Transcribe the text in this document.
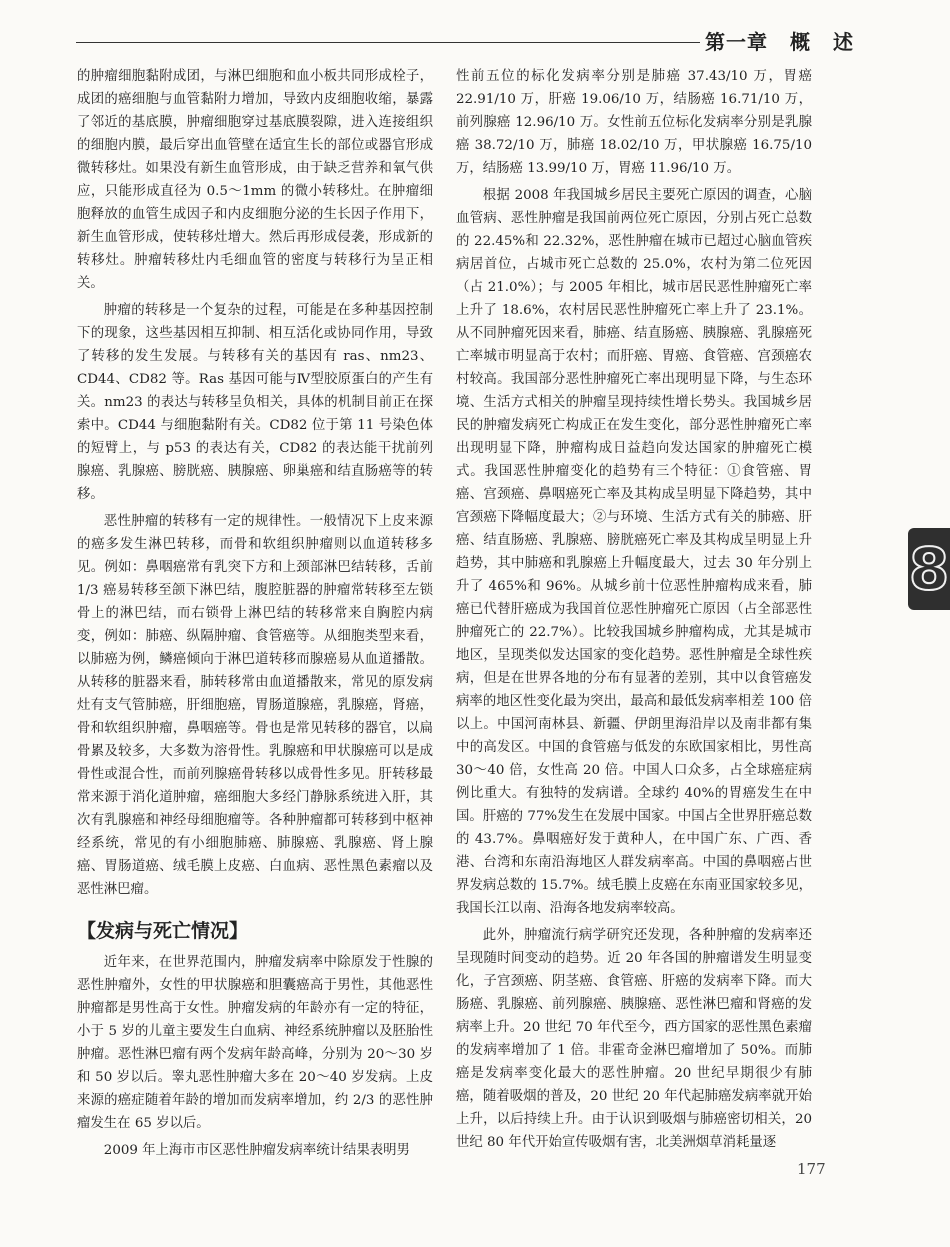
第一章 概 述

的肿瘤细胞黏附成团，与淋巴细胞和血小板共同形成栓子，成团的癌细胞与血管黏附力增加，导致内皮细胞收缩，暴露了邻近的基底膜，肿瘤细胞穿过基底膜裂隙，进入连接组织的细胞内膜，最后穿出血管壁在适宜生长的部位或器官形成微转移灶。如果没有新生血管形成，由于缺乏营养和氧气供应，只能形成直径为 0.5～1mm 的微小转移灶。在肿瘤细胞释放的血管生成因子和内皮细胞分泌的生长因子作用下，新生血管形成，使转移灶增大。然后再形成侵袭，形成新的转移灶。肿瘤转移灶内毛细血管的密度与转移行为呈正相关。

肿瘤的转移是一个复杂的过程，可能是在多种基因控制下的现象，这些基因相互抑制、相互活化或协同作用，导致了转移的发生发展。与转移有关的基因有 ras、nm23、CD44、CD82 等。Ras 基因可能与Ⅳ型胶原蛋白的产生有关。nm23 的表达与转移呈负相关，具体的机制目前正在探索中。CD44 与细胞黏附有关。CD82 位于第 11 号染色体的短臂上，与 p53 的表达有关，CD82 的表达能干扰前列腺癌、乳腺癌、膀胱癌、胰腺癌、卵巢癌和结直肠癌等的转移。

恶性肿瘤的转移有一定的规律性。一般情况下上皮来源的癌多发生淋巴转移，而骨和软组织肿瘤则以血道转移多见。例如：鼻咽癌常有乳突下方和上颈部淋巴结转移，舌前 1/3 癌易转移至颌下淋巴结，腹腔脏器的肿瘤常转移至左锁骨上的淋巴结，而右锁骨上淋巴结的转移常来自胸腔内病变，例如：肺癌、纵隔肿瘤、食管癌等。从细胞类型来看，以肺癌为例，鳞癌倾向于淋巴道转移而腺癌易从血道播散。从转移的脏器来看，肺转移常由血道播散来，常见的原发病灶有支气管肺癌，肝细胞癌，胃肠道腺癌，乳腺癌，肾癌，骨和软组织肿瘤，鼻咽癌等。骨也是常见转移的器官，以扁骨累及较多，大多数为溶骨性。乳腺癌和甲状腺癌可以是成骨性或混合性，而前列腺癌骨转移以成骨性多见。肝转移最常来源于消化道肿瘤，癌细胞大多经门静脉系统进入肝，其次有乳腺癌和神经母细胞瘤等。各种肿瘤都可转移到中枢神经系统，常见的有小细胞肺癌、肺腺癌、乳腺癌、肾上腺癌、胃肠道癌、绒毛膜上皮癌、白血病、恶性黑色素瘤以及恶性淋巴瘤。

【发病与死亡情况】

近年来，在世界范围内，肿瘤发病率中除原发于性腺的恶性肿瘤外，女性的甲状腺癌和胆囊癌高于男性，其他恶性肿瘤都是男性高于女性。肿瘤发病的年龄亦有一定的特征，小于 5 岁的儿童主要发生白血病、神经系统肿瘤以及胚胎性肿瘤。恶性淋巴瘤有两个发病年龄高峰，分别为 20～30 岁和 50 岁以后。睾丸恶性肿瘤大多在 20～40 岁发病。上皮来源的癌症随着年龄的增加而发病率增加，约 2/3 的恶性肿瘤发生在 65 岁以后。

2009 年上海市市区恶性肿瘤发病率统计结果表明男

性前五位的标化发病率分别是肺癌 37.43/10 万，胃癌 22.91/10 万，肝癌 19.06/10 万，结肠癌 16.71/10 万，前列腺癌 12.96/10 万。女性前五位标化发病率分别是乳腺癌 38.72/10 万，肺癌 18.02/10 万，甲状腺癌 16.75/10 万，结肠癌 13.99/10 万，胃癌 11.96/10 万。

根据 2008 年我国城乡居民主要死亡原因的调查，心脑血管病、恶性肿瘤是我国前两位死亡原因，分别占死亡总数的 22.45%和 22.32%，恶性肿瘤在城市已超过心脑血管疾病居首位，占城市死亡总数的 25.0%，农村为第二位死因（占 21.0%）；与 2005 年相比，城市居民恶性肿瘤死亡率上升了 18.6%，农村居民恶性肿瘤死亡率上升了 23.1%。从不同肿瘤死因来看，肺癌、结直肠癌、胰腺癌、乳腺癌死亡率城市明显高于农村；而肝癌、胃癌、食管癌、宫颈癌农村较高。我国部分恶性肿瘤死亡率出现明显下降，与生态环境、生活方式相关的肿瘤呈现持续性增长势头。我国城乡居民的肿瘤发病死亡构成正在发生变化，部分恶性肿瘤死亡率出现明显下降，肿瘤构成日益趋向发达国家的肿瘤死亡模式。我国恶性肿瘤变化的趋势有三个特征：①食管癌、胃癌、宫颈癌、鼻咽癌死亡率及其构成呈明显下降趋势，其中宫颈癌下降幅度最大；②与环境、生活方式有关的肺癌、肝癌、结直肠癌、乳腺癌、膀胱癌死亡率及其构成呈明显上升趋势，其中肺癌和乳腺癌上升幅度最大，过去 30 年分别上升了 465%和 96%。从城乡前十位恶性肿瘤构成来看，肺癌已代替肝癌成为我国首位恶性肿瘤死亡原因（占全部恶性肿瘤死亡的 22.7%）。比较我国城乡肿瘤构成，尤其是城市地区，呈现类似发达国家的变化趋势。恶性肿瘤是全球性疾病，但是在世界各地的分布有显著的差别，其中以食管癌发病率的地区性变化最为突出，最高和最低发病率相差 100 倍以上。中国河南林县、新疆、伊朗里海沿岸以及南非都有集中的高发区。中国的食管癌与低发的东欧国家相比，男性高 30～40 倍，女性高 20 倍。中国人口众多，占全球癌症病例比重大。有独特的发病谱。全球约 40%的胃癌发生在中国。肝癌的 77%发生在发展中国家。中国占全世界肝癌总数的 43.7%。鼻咽癌好发于黄种人，在中国广东、广西、香港、台湾和东南沿海地区人群发病率高。中国的鼻咽癌占世界发病总数的 15.7%。绒毛膜上皮癌在东南亚国家较多见，我国长江以南、沿海各地发病率较高。

此外，肿瘤流行病学研究还发现，各种肿瘤的发病率还呈现随时间变动的趋势。近 20 年各国的肿瘤谱发生明显变化，子宫颈癌、阴茎癌、食管癌、肝癌的发病率下降。而大肠癌、乳腺癌、前列腺癌、胰腺癌、恶性淋巴瘤和肾癌的发病率上升。20 世纪 70 年代至今，西方国家的恶性黑色素瘤的发病率增加了 1 倍。非霍奇金淋巴瘤增加了 50%。而肺癌是发病率变化最大的恶性肿瘤。20 世纪早期很少有肺癌，随着吸烟的普及，20 世纪 20 年代起肺癌发病率就开始上升，以后持续上升。由于认识到吸烟与肺癌密切相关，20 世纪 80 年代开始宣传吸烟有害，北美洲烟草消耗量逐

8
177
